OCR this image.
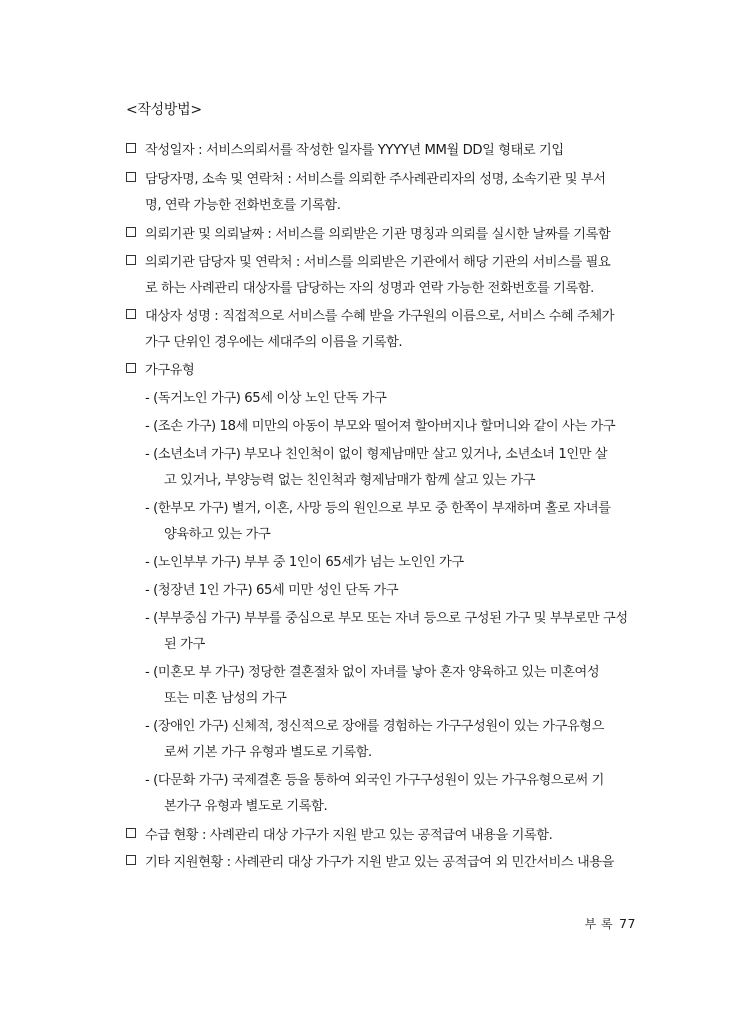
<작성방법>
작성일자 : 서비스의뢰서를 작성한 일자를 YYYY년 MM월 DD일 형태로 기입
담당자명, 소속 및 연락처 : 서비스를 의뢰한 주사례관리자의 성명, 소속기관 및 부서
명, 연락 가능한 전화번호를 기록함.
의뢰기관 및 의뢰날짜 : 서비스를 의뢰받은 기관 명칭과 의뢰를 실시한 날짜를 기록함
의뢰기관 담당자 및 연락처 : 서비스를 의뢰받은 기관에서 해당 기관의 서비스를 필요
로 하는 사례관리 대상자를 담당하는 자의 성명과 연락 가능한 전화번호를 기록함.
대상자 성명 : 직접적으로 서비스를 수혜 받을 가구원의 이름으로, 서비스 수혜 주체가
가구 단위인 경우에는 세대주의 이름을 기록함.
가구유형
- (독거노인 가구) 65세 이상 노인 단독 가구
- (조손 가구) 18세 미만의 아동이 부모와 떨어져 할아버지나 할머니와 같이 사는 가구
- (소년소녀 가구) 부모나 친인척이 없이 형제남매만 살고 있거나, 소년소녀 1인만 살
고 있거나, 부양능력 없는 친인척과 형제남매가 함께 살고 있는 가구
- (한부모 가구) 별거, 이혼, 사망 등의 원인으로 부모 중 한쪽이 부재하며 홀로 자녀를
양육하고 있는 가구
- (노인부부 가구) 부부 중 1인이 65세가 넘는 노인인 가구
- (청장년 1인 가구) 65세 미만 성인 단독 가구
- (부부중심 가구) 부부를 중심으로 부모 또는 자녀 등으로 구성된 가구 및 부부로만 구성
된 가구
- (미혼모 부 가구) 정당한 결혼절차 없이 자녀를 낳아 혼자 양육하고 있는 미혼여성
또는 미혼 남성의 가구
- (장애인 가구) 신체적, 정신적으로 장애를 경험하는 가구구성원이 있는 가구유형으
로써 기본 가구 유형과 별도로 기록함.
- (다문화 가구) 국제결혼 등을 통하여 외국인 가구구성원이 있는 가구유형으로써 기
본가구 유형과 별도로 기록함.
수급 현황 : 사례관리 대상 가구가 지원 받고 있는 공적급여 내용을 기록함.
기타 지원현황 : 사례관리 대상 가구가 지원 받고 있는 공적급여 외 민간서비스 내용을
부 록 77
